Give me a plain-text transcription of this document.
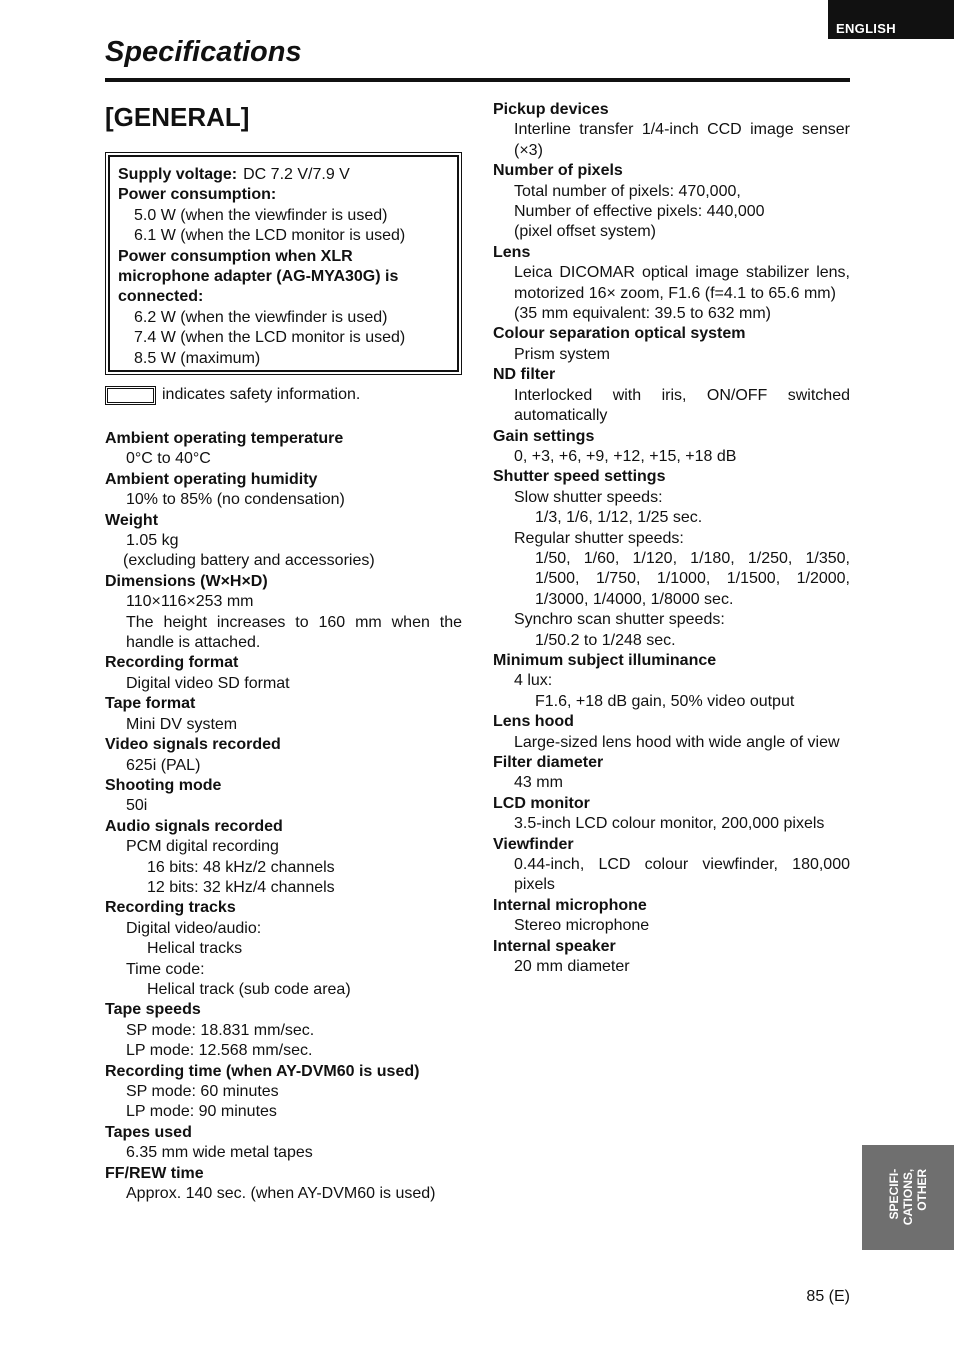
ENGLISH
Specifications
[GENERAL]
Supply voltage: DC 7.2 V/7.9 V
Power consumption:
5.0 W (when the viewfinder is used)
6.1 W (when the LCD monitor is used)
Power consumption when XLR
microphone adapter (AG-MYA30G) is
connected:
6.2 W (when the viewfinder is used)
7.4 W (when the LCD monitor is used)
8.5 W (maximum)
indicates safety information.
Ambient operating temperature
0°C to 40°C
Ambient operating humidity
10% to 85% (no condensation)
Weight
1.05 kg
(excluding battery and accessories)
Dimensions (W×H×D)
110×116×253 mm
The height increases to 160 mm when the handle is attached.
Recording format
Digital video SD format
Tape format
Mini DV system
Video signals recorded
625i (PAL)
Shooting mode
50i
Audio signals recorded
PCM digital recording
16 bits: 48 kHz/2 channels
12 bits: 32 kHz/4 channels
Recording tracks
Digital video/audio:
Helical tracks
Time code:
Helical track (sub code area)
Tape speeds
SP mode: 18.831 mm/sec.
LP mode: 12.568 mm/sec.
Recording time (when AY-DVM60 is used)
SP mode: 60 minutes
LP mode: 90 minutes
Tapes used
6.35 mm wide metal tapes
FF/REW time
Approx. 140 sec. (when AY-DVM60 is used)
Pickup devices
Interline transfer 1/4-inch CCD image senser (×3)
Number of pixels
Total number of pixels: 470,000,
Number of effective pixels: 440,000
(pixel offset system)
Lens
Leica DICOMAR optical image stabilizer lens, motorized 16× zoom, F1.6 (f=4.1 to 65.6 mm)
(35 mm equivalent: 39.5 to 632 mm)
Colour separation optical system
Prism system
ND filter
Interlocked with iris, ON/OFF switched automatically
Gain settings
0, +3, +6, +9, +12, +15, +18 dB
Shutter speed settings
Slow shutter speeds:
1/3, 1/6, 1/12, 1/25 sec.
Regular shutter speeds:
1/50, 1/60, 1/120, 1/180, 1/250, 1/350, 1/500, 1/750, 1/1000, 1/1500, 1/2000, 1/3000, 1/4000, 1/8000 sec.
Synchro scan shutter speeds:
1/50.2 to 1/248 sec.
Minimum subject illuminance
4 lux:
F1.6, +18 dB gain, 50% video output
Lens hood
Large-sized lens hood with wide angle of view
Filter diameter
43 mm
LCD monitor
3.5-inch LCD colour monitor, 200,000 pixels
Viewfinder
0.44-inch, LCD colour viewfinder, 180,000 pixels
Internal microphone
Stereo microphone
Internal speaker
20 mm diameter
SPECIFI- CATIONS, OTHER
85 (E)
